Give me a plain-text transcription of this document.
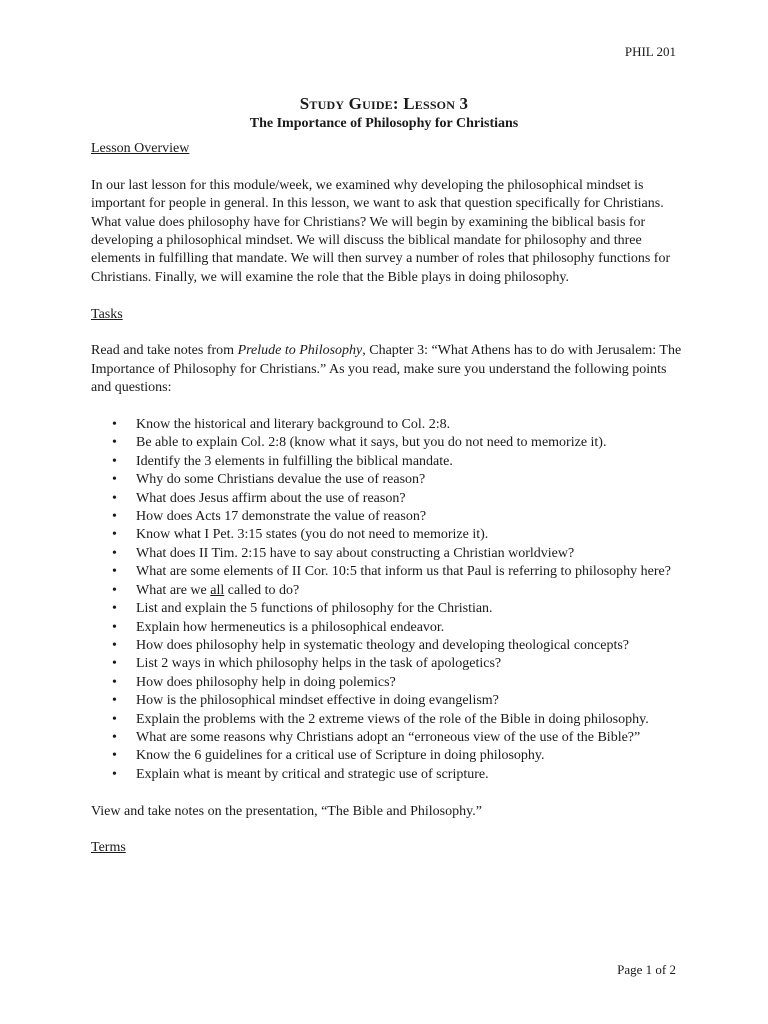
PHIL 201
Study Guide: Lesson 3
The Importance of Philosophy for Christians

Lesson Overview

In our last lesson for this module/week, we examined why developing the philosophical mindset is important for people in general. In this lesson, we want to ask that question specifically for Christians. What value does philosophy have for Christians? We will begin by examining the biblical basis for developing a philosophical mindset. We will discuss the biblical mandate for philosophy and three elements in fulfilling that mandate. We will then survey a number of roles that philosophy functions for Christians. Finally, we will examine the role that the Bible plays in doing philosophy.

Tasks

Read and take notes from Prelude to Philosophy, Chapter 3: “What Athens has to do with Jerusalem: The Importance of Philosophy for Christians.” As you read, make sure you understand the following points and questions:

• Know the historical and literary background to Col. 2:8.
• Be able to explain Col. 2:8 (know what it says, but you do not need to memorize it).
• Identify the 3 elements in fulfilling the biblical mandate.
• Why do some Christians devalue the use of reason?
• What does Jesus affirm about the use of reason?
• How does Acts 17 demonstrate the value of reason?
• Know what I Pet. 3:15 states (you do not need to memorize it).
• What does II Tim. 2:15 have to say about constructing a Christian worldview?
• What are some elements of II Cor. 10:5 that inform us that Paul is referring to philosophy here?
• What are we all called to do?
• List and explain the 5 functions of philosophy for the Christian.
• Explain how hermeneutics is a philosophical endeavor.
• How does philosophy help in systematic theology and developing theological concepts?
• List 2 ways in which philosophy helps in the task of apologetics?
• How does philosophy help in doing polemics?
• How is the philosophical mindset effective in doing evangelism?
• Explain the problems with the 2 extreme views of the role of the Bible in doing philosophy.
• What are some reasons why Christians adopt an “erroneous view of the use of the Bible?”
• Know the 6 guidelines for a critical use of Scripture in doing philosophy.
• Explain what is meant by critical and strategic use of scripture.

View and take notes on the presentation, “The Bible and Philosophy.”

Terms

Page 1 of 2
